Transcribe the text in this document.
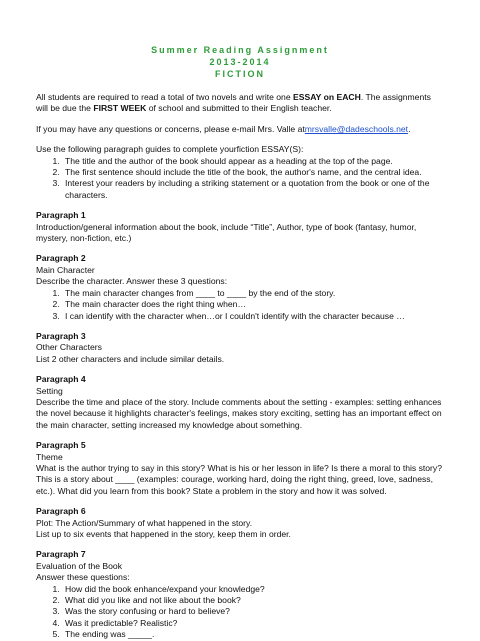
Summer Reading Assignment
2013-2014
FICTION

All students are required to read a total of two novels and write one ESSAY on EACH. The assignments will be due the FIRST WEEK of school and submitted to their English teacher.

If you may have any questions or concerns, please e-mail Mrs. Valle atmrsvalle@dadeschools.net.

Use the following paragraph guides to complete yourfiction ESSAY(S):
1. The title and the author of the book should appear as a heading at the top of the page.
2. The first sentence should include the title of the book, the author's name, and the central idea.
3. Interest your readers by including a striking statement or a quotation from the book or one of the characters.
Paragraph 1
Introduction/general information about the book, include “Title”, Author, type of book (fantasy, humor, mystery, non-fiction, etc.)
Paragraph 2
Main Character
Describe the character. Answer these 3 questions:
1. The main character changes from ____ to ____ by the end of the story.
2. The main character does the right thing when…
3. I can identify with the character when…or I couldn't identify with the character because …
Paragraph 3
Other Characters
List 2 other characters and include similar details.
Paragraph 4
Setting
Describe the time and place of the story. Include comments about the setting - examples: setting enhances the novel because it highlights character's feelings, makes story exciting, setting has an important effect on the main character, setting increased my knowledge about something.
Paragraph 5
Theme
What is the author trying to say in this story? What is his or her lesson in life? Is there a moral to this story? This is a story about ____ (examples: courage, working hard, doing the right thing, greed, love, sadness, etc.). What did you learn from this book? State a problem in the story and how it was solved.
Paragraph 6
Plot: The Action/Summary of what happened in the story.
List up to six events that happened in the story, keep them in order.
Paragraph 7
Evaluation of the Book
Answer these questions:
1. How did the book enhance/expand your knowledge?
2. What did you like and not like about the book?
3. Was the story confusing or hard to believe?
4. Was it predictable? Realistic?
5. The ending was _____.
